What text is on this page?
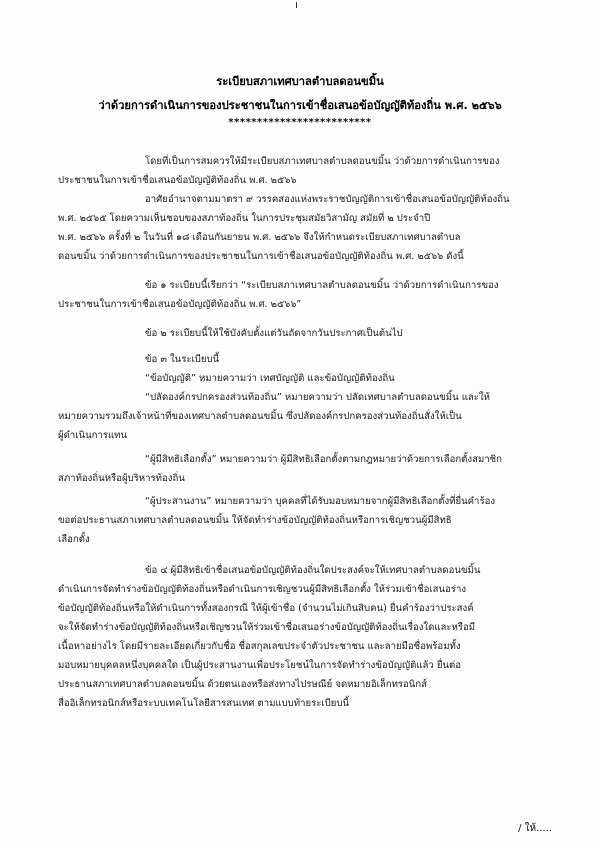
ระเบียบสภาเทศบาลตำบลดอนขมิ้น
ว่าด้วยการดำเนินการของประชาชนในการเข้าชื่อเสนอข้อบัญญัติท้องถิ่น พ.ศ. ๒๕๖๖
*************************
โดยที่เป็นการสมควรให้มีระเบียบสภาเทศบาลตำบลดอนขมิ้น ว่าด้วยการดำเนินการของ
ประชาชนในการเข้าชื่อเสนอข้อบัญญัติท้องถิ่น พ.ศ. ๒๕๖๖
อาศัยอำนาจตามมาตรา ๙ วรรคสองแห่งพระราชบัญญัติการเข้าชื่อเสนอข้อบัญญัติท้องถิ่น
พ.ศ. ๒๕๖๕ โดยความเห็นชอบของสภาท้องถิ่น ในการประชุมสมัยวิสามัญ สมัยที่ ๒ ประจำปี
พ.ศ. ๒๕๖๖ ครั้งที่ ๒ ในวันที่ ๑๘ เดือนกันยายน พ.ศ. ๒๕๖๖ จึงให้กำหนดระเบียบสภาเทศบาลตำบล
ดอนขมิ้น ว่าด้วยการดำเนินการของประชาชนในการเข้าชื่อเสนอข้อบัญญัติท้องถิ่น พ.ศ. ๒๕๖๖ ดังนี้
ข้อ ๑ ระเบียบนี้เรียกว่า “ระเบียบสภาเทศบาลตำบลดอนขมิ้น ว่าด้วยการดำเนินการของ
ประชาชนในการเข้าชื่อเสนอข้อบัญญัติท้องถิ่น พ.ศ. ๒๕๖๖”
ข้อ ๒ ระเบียบนี้ให้ใช้บังคับตั้งแต่วันถัดจากวันประกาศเป็นต้นไป
ข้อ ๓ ในระเบียบนี้
“ข้อบัญญัติ” หมายความว่า เทศบัญญัติ และข้อบัญญัติท้องถิ่น
“ปลัดองค์กรปกครองส่วนท้องถิ่น” หมายความว่า ปลัดเทศบาลตำบลดอนขมิ้น และให้
หมายความรวมถึงเจ้าหน้าที่ของเทศบาลตำบลดอนขมิ้น ซึ่งปลัดองค์กรปกครองส่วนท้องถิ่นสั่งให้เป็น
ผู้ดำเนินการแทน
“ผู้มีสิทธิเลือกตั้ง” หมายความว่า ผู้มีสิทธิเลือกตั้งตามกฎหมายว่าด้วยการเลือกตั้งสมาชิก
สภาท้องถิ่นหรือผู้บริหารท้องถิ่น
“ผู้ประสานงาน” หมายความว่า บุคคลที่ได้รับมอบหมายจากผู้มีสิทธิเลือกตั้งที่ยื่นคำร้อง
ขอต่อประธานสภาเทศบาลตำบลดอนขมิ้น ให้จัดทำร่างข้อบัญญัติท้องถิ่นหรือการเชิญชวนผู้มีสิทธิ
เลือกตั้ง
ข้อ ๔ ผู้มีสิทธิเข้าชื่อเสนอข้อบัญญัติท้องถิ่นใดประสงค์จะให้เทศบาลตำบลดอนขมิ้น
ดำเนินการจัดทำร่างข้อบัญญัติท้องถิ่นหรือดำเนินการเชิญชวนผู้มีสิทธิเลือกตั้ง ให้ร่วมเข้าชื่อเสนอร่าง
ข้อบัญญัติท้องถิ่นหรือให้ดำเนินการทั้งสองกรณี ให้ผู้เข้าชื่อ (จำนวนไม่เกินสิบคน) ยื่นคำร้องว่าประสงค์
จะให้จัดทำร่างข้อบัญญัติท้องถิ่นหรือเชิญชวนให้ร่วมเข้าชื่อเสนอร่างข้อบัญญัติท้องถิ่นเรื่องใดและหรือมี
เนื้อหาอย่างไร โดยมีรายละเอียดเกี่ยวกับชื่อ ชื่อสกุลเลขประจำตัวประชาชน และลายมือชื่อพร้อมทั้ง
มอบหมายบุคคลหนึ่งบุคคลใด เป็นผู้ประสานงานเพื่อประโยชน์ในการจัดทำร่างข้อบัญญัติแล้ว ยื่นต่อ
ประธานสภาเทศบาลตำบลดอนขมิ้น ด้วยตนเองหรือส่งทางไปรษณีย์ จดหมายอิเล็กทรอนิกส์
สื่ออิเล็กทรอนิกส์หรือระบบเทคโนโลยีสารสนเทศ ตามแบบท้ายระเบียบนี้
/ ให้.....
